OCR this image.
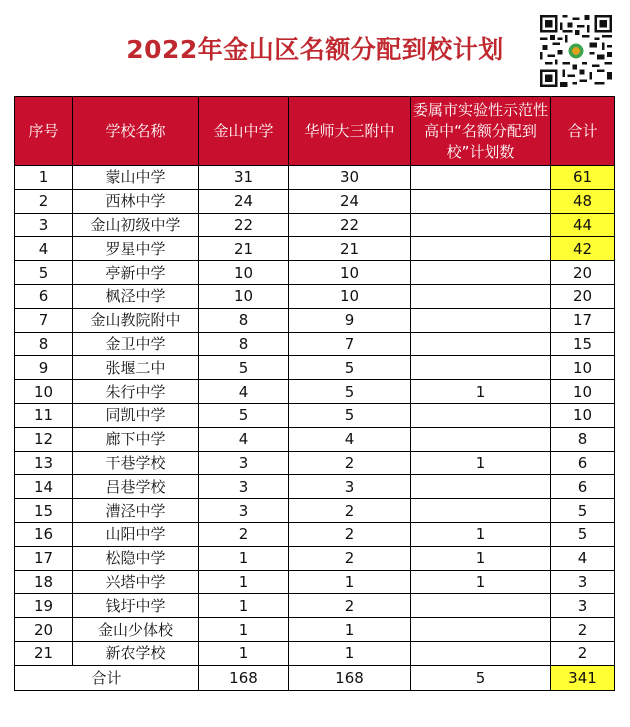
2022年金山区名额分配到校计划
序号	学校名称	金山中学	华师大三附中	委属市实验性示范性高中“名额分配到校”计划数	合计
1	蒙山中学	31	30		61
2	西林中学	24	24		48
3	金山初级中学	22	22		44
4	罗星中学	21	21		42
5	亭新中学	10	10		20
6	枫泾中学	10	10		20
7	金山教院附中	8	9		17
8	金卫中学	8	7		15
9	张堰二中	5	5		10
10	朱行中学	4	5	1	10
11	同凯中学	5	5		10
12	廊下中学	4	4		8
13	干巷学校	3	2	1	6
14	吕巷学校	3	3		6
15	漕泾中学	3	2		5
16	山阳中学	2	2	1	5
17	松隐中学	1	2	1	4
18	兴塔中学	1	1	1	3
19	钱圩中学	1	2		3
20	金山少体校	1	1		2
21	新农学校	1	1		2
合计		168	168	5	341
